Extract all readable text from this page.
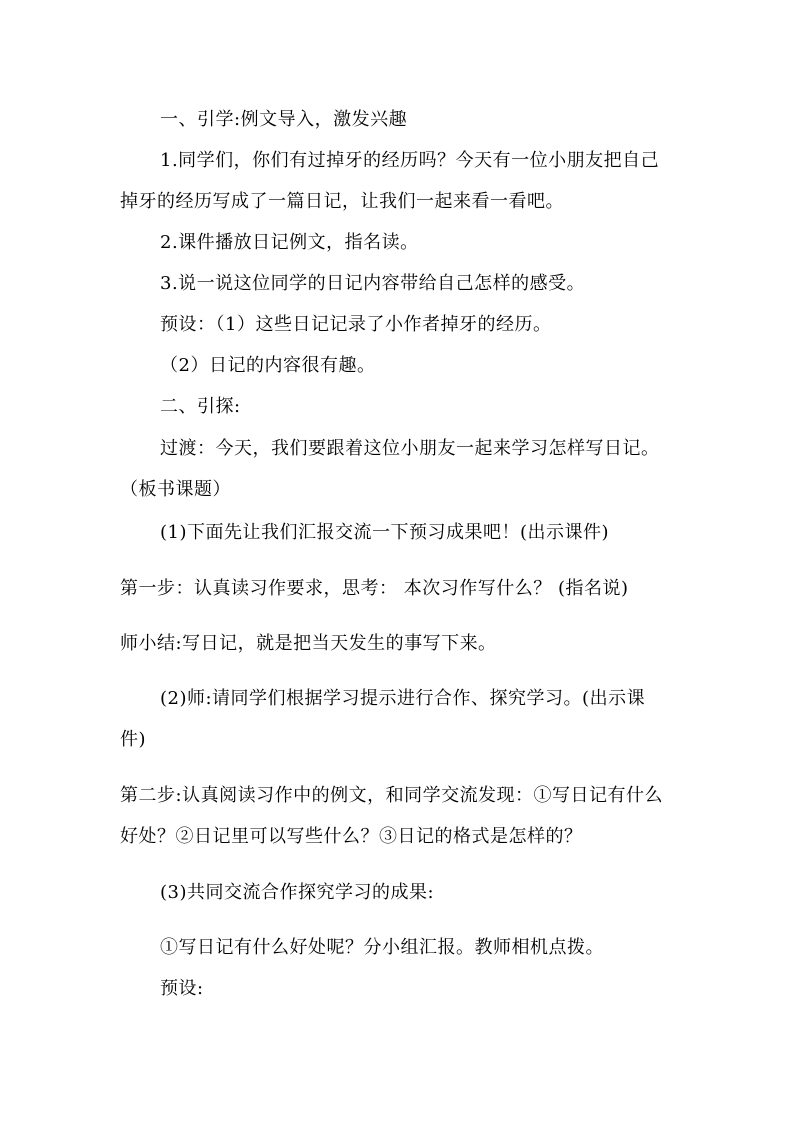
一、引学:例文导入，激发兴趣
1.同学们，你们有过掉牙的经历吗？今天有一位小朋友把自己
掉牙的经历写成了一篇日记，让我们一起来看一看吧。
2.课件播放日记例文，指名读。
3.说一说这位同学的日记内容带给自己怎样的感受。
预设：（1）这些日记记录了小作者掉牙的经历。
（2）日记的内容很有趣。
二、引探:
过渡：今天，我们要跟着这位小朋友一起来学习怎样写日记。
（板书课题）
(1)下面先让我们汇报交流一下预习成果吧！(出示课件)
第一步：认真读习作要求，思考： 本次习作写什么？ (指名说)
师小结:写日记，就是把当天发生的事写下来。
(2)师:请同学们根据学习提示进行合作、探究学习。(出示课
件)
第二步:认真阅读习作中的例文，和同学交流发现：①写日记有什么
好处？②日记里可以写些什么？③日记的格式是怎样的？
(3)共同交流合作探究学习的成果:
①写日记有什么好处呢？分小组汇报。教师相机点拨。
预设:
